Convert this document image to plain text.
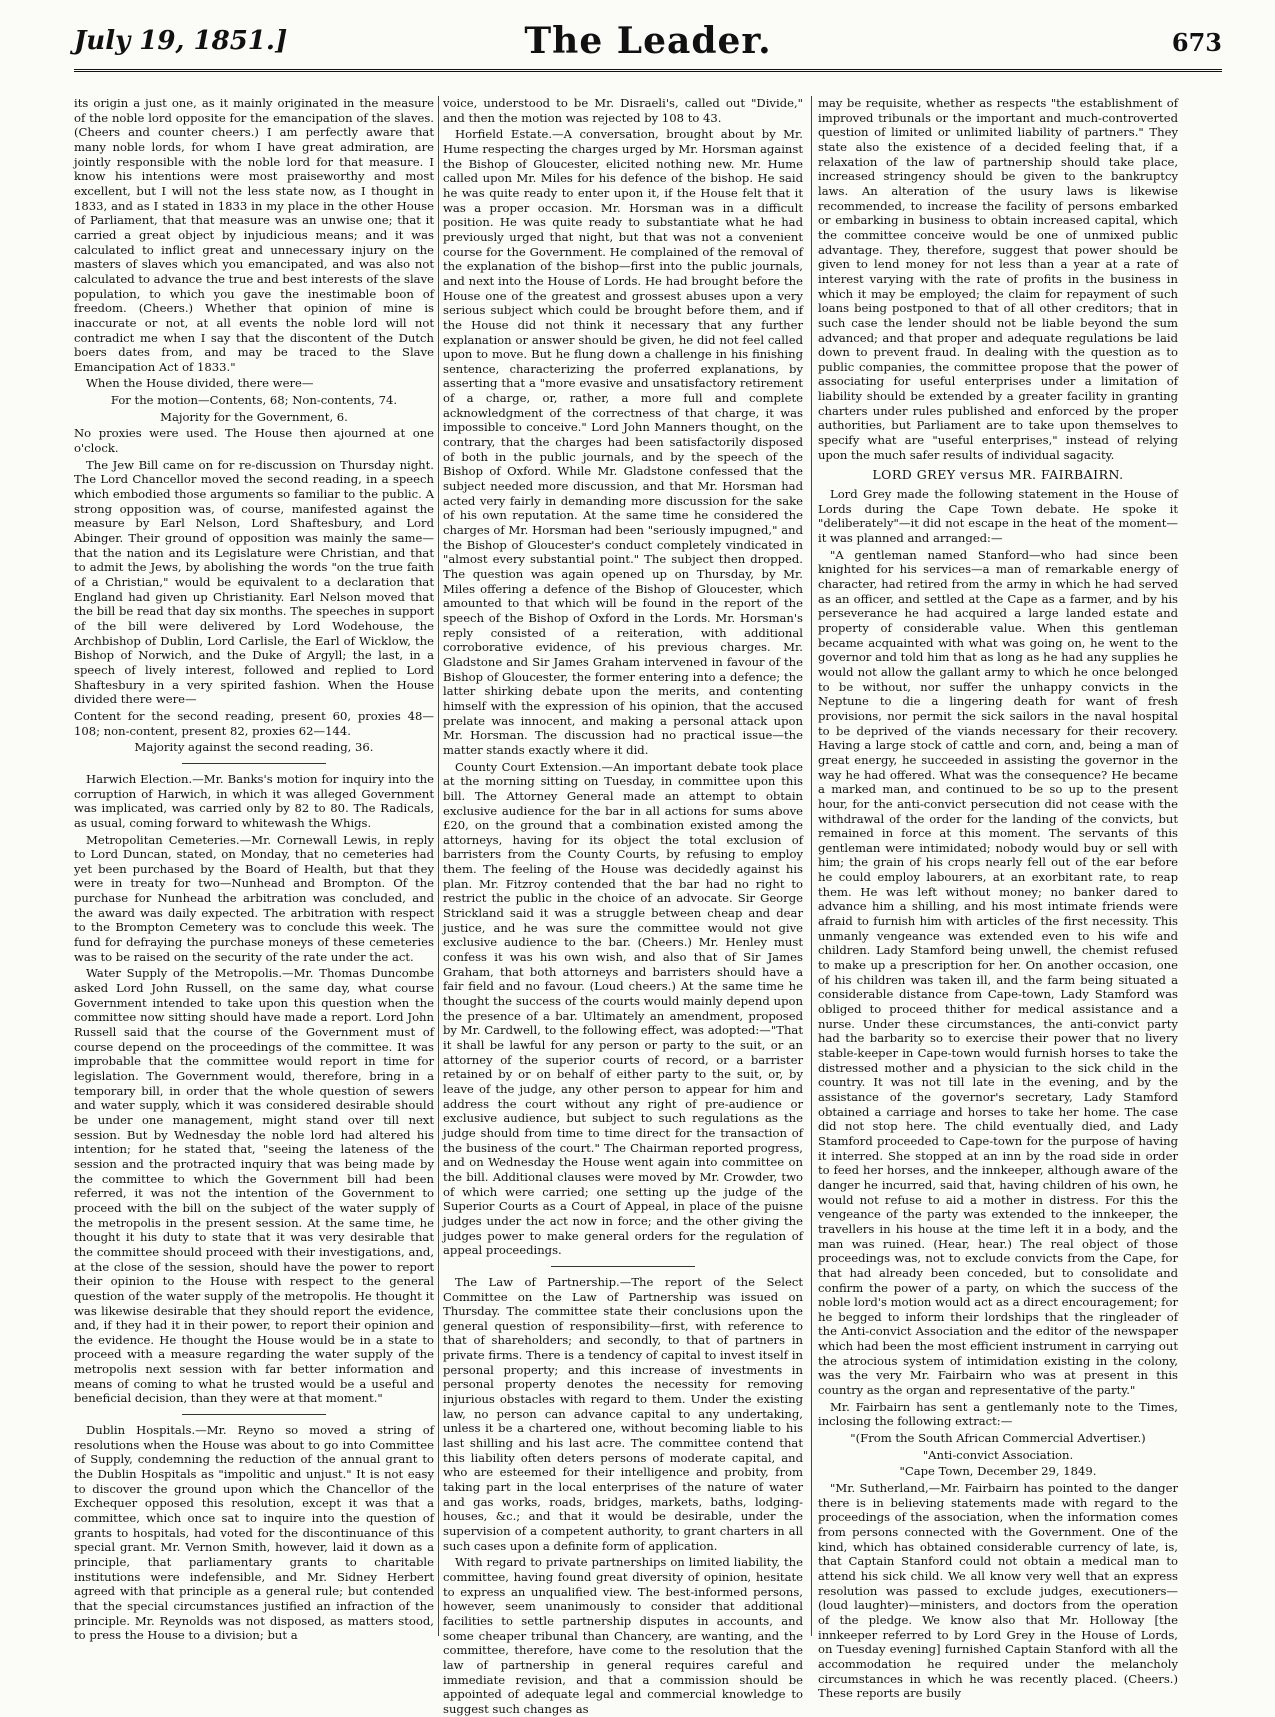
July 19, 1851.]	The Leader.	673

its origin a just one, as it mainly originated in the measure of the noble lord opposite for the emancipation of the slaves. (Cheers and counter cheers.) I am perfectly aware that many noble lords, for whom I have great admiration, are jointly responsible with the noble lord for that measure. I know his intentions were most praiseworthy and most excellent, but I will not the less state now, as I thought in 1833, and as I stated in 1833 in my place in the other House of Parliament, that that measure was an unwise one; that it carried a great object by injudicious means; and it was calculated to inflict great and unnecessary injury on the masters of slaves which you emancipated, and was also not calculated to advance the true and best interests of the slave population, to which you gave the inestimable boon of freedom. (Cheers.) Whether that opinion of mine is inaccurate or not, at all events the noble lord will not contradict me when I say that the discontent of the Dutch boers dates from, and may be traced to the Slave Emancipation Act of 1833."

When the House divided, there were—

For the motion—Contents, 68; Non-contents, 74.

Majority for the Government, 6.

No proxies were used. The House then ajourned at one o'clock.

The Jew Bill came on for re-discussion on Thursday night. The Lord Chancellor moved the second reading, in a speech which embodied those arguments so familiar to the public. A strong opposition was, of course, manifested against the measure by Earl Nelson, Lord Shaftesbury, and Lord Abinger. Their ground of opposition was mainly the same—that the nation and its Legislature were Christian, and that to admit the Jews, by abolishing the words "on the true faith of a Christian," would be equivalent to a declaration that England had given up Christianity. Earl Nelson moved that the bill be read that day six months. The speeches in support of the bill were delivered by Lord Wodehouse, the Archbishop of Dublin, Lord Carlisle, the Earl of Wicklow, the Bishop of Norwich, and the Duke of Argyll; the last, in a speech of lively interest, followed and replied to Lord Shaftesbury in a very spirited fashion. When the House divided there were—

Content for the second reading, present 60, proxies 48—108; non-content, present 82, proxies 62—144.

Majority against the second reading, 36.

Harwich Election.—Mr. Banks's motion for inquiry into the corruption of Harwich, in which it was alleged Government was implicated, was carried only by 82 to 80. The Radicals, as usual, coming forward to whitewash the Whigs.

Metropolitan Cemeteries.—Mr. Cornewall Lewis, in reply to Lord Duncan, stated, on Monday, that no cemeteries had yet been purchased by the Board of Health, but that they were in treaty for two—Nunhead and Brompton. Of the purchase for Nunhead the arbitration was concluded, and the award was daily expected. The arbitration with respect to the Brompton Cemetery was to conclude this week. The fund for defraying the purchase moneys of these cemeteries was to be raised on the security of the rate under the act.

Water Supply of the Metropolis.—Mr. Thomas Duncombe asked Lord John Russell, on the same day, what course Government intended to take upon this question when the committee now sitting should have made a report. Lord John Russell said that the course of the Government must of course depend on the proceedings of the committee. It was improbable that the committee would report in time for legislation. The Government would, therefore, bring in a temporary bill, in order that the whole question of sewers and water supply, which it was considered desirable should be under one management, might stand over till next session. But by Wednesday the noble lord had altered his intention; for he stated that, "seeing the lateness of the session and the protracted inquiry that was being made by the committee to which the Government bill had been referred, it was not the intention of the Government to proceed with the bill on the subject of the water supply of the metropolis in the present session. At the same time, he thought it his duty to state that it was very desirable that the committee should proceed with their investigations, and, at the close of the session, should have the power to report their opinion to the House with respect to the general question of the water supply of the metropolis. He thought it was likewise desirable that they should report the evidence, and, if they had it in their power, to report their opinion and the evidence. He thought the House would be in a state to proceed with a measure regarding the water supply of the metropolis next session with far better information and means of coming to what he trusted would be a useful and beneficial decision, than they were at that moment."

Dublin Hospitals.—Mr. Reyno so moved a string of resolutions when the House was about to go into Committee of Supply, condemning the reduction of the annual grant to the Dublin Hospitals as "impolitic and unjust." It is not easy to discover the ground upon which the Chancellor of the Exchequer opposed this resolution, except it was that a committee, which once sat to inquire into the question of grants to hospitals, had voted for the discontinuance of this special grant. Mr. Vernon Smith, however, laid it down as a principle, that parliamentary grants to charitable institutions were indefensible, and Mr. Sidney Herbert agreed with that principle as a general rule; but contended that the special circumstances justified an infraction of the principle. Mr. Reynolds was not disposed, as matters stood, to press the House to a division; but a

voice, understood to be Mr. Disraeli's, called out "Divide," and then the motion was rejected by 108 to 43.

Horfield Estate.—A conversation, brought about by Mr. Hume respecting the charges urged by Mr. Horsman against the Bishop of Gloucester, elicited nothing new. Mr. Hume called upon Mr. Miles for his defence of the bishop. He said he was quite ready to enter upon it, if the House felt that it was a proper occasion. Mr. Horsman was in a difficult position. He was quite ready to substantiate what he had previously urged that night, but that was not a convenient course for the Government. He complained of the removal of the explanation of the bishop—first into the public journals, and next into the House of Lords. He had brought before the House one of the greatest and grossest abuses upon a very serious subject which could be brought before them, and if the House did not think it necessary that any further explanation or answer should be given, he did not feel called upon to move. But he flung down a challenge in his finishing sentence, characterizing the proferred explanations, by asserting that a "more evasive and unsatisfactory retirement of a charge, or, rather, a more full and complete acknowledgment of the correctness of that charge, it was impossible to conceive." Lord John Manners thought, on the contrary, that the charges had been satisfactorily disposed of both in the public journals, and by the speech of the Bishop of Oxford. While Mr. Gladstone confessed that the subject needed more discussion, and that Mr. Horsman had acted very fairly in demanding more discussion for the sake of his own reputation. At the same time he considered the charges of Mr. Horsman had been "seriously impugned," and the Bishop of Gloucester's conduct completely vindicated in "almost every substantial point." The subject then dropped. The question was again opened up on Thursday, by Mr. Miles offering a defence of the Bishop of Gloucester, which amounted to that which will be found in the report of the speech of the Bishop of Oxford in the Lords. Mr. Horsman's reply consisted of a reiteration, with additional corroborative evidence, of his previous charges. Mr. Gladstone and Sir James Graham intervened in favour of the Bishop of Gloucester, the former entering into a defence; the latter shirking debate upon the merits, and contenting himself with the expression of his opinion, that the accused prelate was innocent, and making a personal attack upon Mr. Horsman. The discussion had no practical issue—the matter stands exactly where it did.

County Court Extension.—An important debate took place at the morning sitting on Tuesday, in committee upon this bill. The Attorney General made an attempt to obtain exclusive audience for the bar in all actions for sums above £20, on the ground that a combination existed among the attorneys, having for its object the total exclusion of barristers from the County Courts, by refusing to employ them. The feeling of the House was decidedly against his plan. Mr. Fitzroy contended that the bar had no right to restrict the public in the choice of an advocate. Sir George Strickland said it was a struggle between cheap and dear justice, and he was sure the committee would not give exclusive audience to the bar. (Cheers.) Mr. Henley must confess it was his own wish, and also that of Sir James Graham, that both attorneys and barristers should have a fair field and no favour. (Loud cheers.) At the same time he thought the success of the courts would mainly depend upon the presence of a bar. Ultimately an amendment, proposed by Mr. Cardwell, to the following effect, was adopted:—"That it shall be lawful for any person or party to the suit, or an attorney of the superior courts of record, or a barrister retained by or on behalf of either party to the suit, or, by leave of the judge, any other person to appear for him and address the court without any right of pre-audience or exclusive audience, but subject to such regulations as the judge should from time to time direct for the transaction of the business of the court." The Chairman reported progress, and on Wednesday the House went again into committee on the bill. Additional clauses were moved by Mr. Crowder, two of which were carried; one setting up the judge of the Superior Courts as a Court of Appeal, in place of the puisne judges under the act now in force; and the other giving the judges power to make general orders for the regulation of appeal proceedings.

The Law of Partnership.—The report of the Select Committee on the Law of Partnership was issued on Thursday. The committee state their conclusions upon the general question of responsibility—first, with reference to that of shareholders; and secondly, to that of partners in private firms. There is a tendency of capital to invest itself in personal property; and this increase of investments in personal property denotes the necessity for removing injurious obstacles with regard to them. Under the existing law, no person can advance capital to any undertaking, unless it be a chartered one, without becoming liable to his last shilling and his last acre. The committee contend that this liability often deters persons of moderate capital, and who are esteemed for their intelligence and probity, from taking part in the local enterprises of the nature of water and gas works, roads, bridges, markets, baths, lodging-houses, &c.; and that it would be desirable, under the supervision of a competent authority, to grant charters in all such cases upon a definite form of application.

With regard to private partnerships on limited liability, the committee, having found great diversity of opinion, hesitate to express an unqualified view. The best-informed persons, however, seem unanimously to consider that additional facilities to settle partnership disputes in accounts, and some cheaper tribunal than Chancery, are wanting, and the committee, therefore, have come to the resolution that the law of partnership in general requires careful and immediate revision, and that a commission should be appointed of adequate legal and commercial knowledge to suggest such changes as

may be requisite, whether as respects "the establishment of improved tribunals or the important and much-controverted question of limited or unlimited liability of partners." They state also the existence of a decided feeling that, if a relaxation of the law of partnership should take place, increased stringency should be given to the bankruptcy laws. An alteration of the usury laws is likewise recommended, to increase the facility of persons embarked or embarking in business to obtain increased capital, which the committee conceive would be one of unmixed public advantage. They, therefore, suggest that power should be given to lend money for not less than a year at a rate of interest varying with the rate of profits in the business in which it may be employed; the claim for repayment of such loans being postponed to that of all other creditors; that in such case the lender should not be liable beyond the sum advanced; and that proper and adequate regulations be laid down to prevent fraud. In dealing with the question as to public companies, the committee propose that the power of associating for useful enterprises under a limitation of liability should be extended by a greater facility in granting charters under rules published and enforced by the proper authorities, but Parliament are to take upon themselves to specify what are "useful enterprises," instead of relying upon the much safer results of individual sagacity.

LORD GREY versus MR. FAIRBAIRN.

Lord Grey made the following statement in the House of Lords during the Cape Town debate. He spoke it "deliberately"—it did not escape in the heat of the moment—it was planned and arranged:—

"A gentleman named Stanford—who had since been knighted for his services—a man of remarkable energy of character, had retired from the army in which he had served as an officer, and settled at the Cape as a farmer, and by his perseverance he had acquired a large landed estate and property of considerable value. When this gentleman became acquainted with what was going on, he went to the governor and told him that as long as he had any supplies he would not allow the gallant army to which he once belonged to be without, nor suffer the unhappy convicts in the Neptune to die a lingering death for want of fresh provisions, nor permit the sick sailors in the naval hospital to be deprived of the viands necessary for their recovery. Having a large stock of cattle and corn, and, being a man of great energy, he succeeded in assisting the governor in the way he had offered. What was the consequence? He became a marked man, and continued to be so up to the present hour, for the anti-convict persecution did not cease with the withdrawal of the order for the landing of the convicts, but remained in force at this moment. The servants of this gentleman were intimidated; nobody would buy or sell with him; the grain of his crops nearly fell out of the ear before he could employ labourers, at an exorbitant rate, to reap them. He was left without money; no banker dared to advance him a shilling, and his most intimate friends were afraid to furnish him with articles of the first necessity. This unmanly vengeance was extended even to his wife and children. Lady Stamford being unwell, the chemist refused to make up a prescription for her. On another occasion, one of his children was taken ill, and the farm being situated a considerable distance from Cape-town, Lady Stamford was obliged to proceed thither for medical assistance and a nurse. Under these circumstances, the anti-convict party had the barbarity so to exercise their power that no livery stable-keeper in Cape-town would furnish horses to take the distressed mother and a physician to the sick child in the country. It was not till late in the evening, and by the assistance of the governor's secretary, Lady Stamford obtained a carriage and horses to take her home. The case did not stop here. The child eventually died, and Lady Stamford proceeded to Cape-town for the purpose of having it interred. She stopped at an inn by the road side in order to feed her horses, and the innkeeper, although aware of the danger he incurred, said that, having children of his own, he would not refuse to aid a mother in distress. For this the vengeance of the party was extended to the innkeeper, the travellers in his house at the time left it in a body, and the man was ruined. (Hear, hear.) The real object of those proceedings was, not to exclude convicts from the Cape, for that had already been conceded, but to consolidate and confirm the power of a party, on which the success of the noble lord's motion would act as a direct encouragement; for he begged to inform their lordships that the ringleader of the Anti-convict Association and the editor of the newspaper which had been the most efficient instrument in carrying out the atrocious system of intimidation existing in the colony, was the very Mr. Fairbairn who was at present in this country as the organ and representative of the party."

Mr. Fairbairn has sent a gentlemanly note to the Times, inclosing the following extract:—

"(From the South African Commercial Advertiser.)

"Anti-convict Association.

"Cape Town, December 29, 1849.

"Mr. Sutherland,—Mr. Fairbairn has pointed to the danger there is in believing statements made with regard to the proceedings of the association, when the information comes from persons connected with the Government. One of the kind, which has obtained considerable currency of late, is, that Captain Stanford could not obtain a medical man to attend his sick child. We all know very well that an express resolution was passed to exclude judges, executioners—(loud laughter)—ministers, and doctors from the operation of the pledge. We know also that Mr. Holloway [the innkeeper referred to by Lord Grey in the House of Lords, on Tuesday evening] furnished Captain Stanford with all the accommodation he required under the melancholy circumstances in which he was recently placed. (Cheers.) These reports are busily
